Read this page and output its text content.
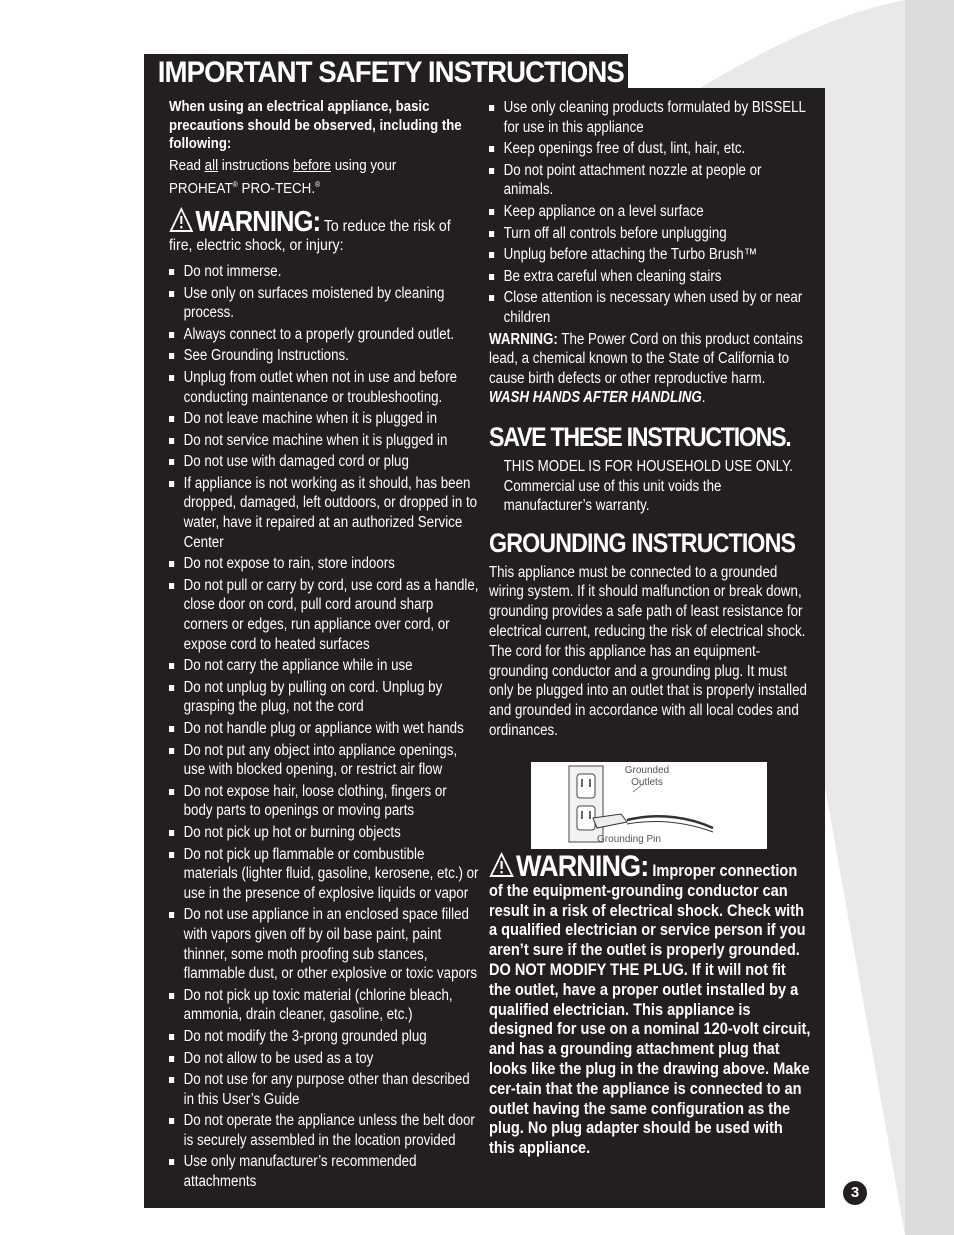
IMPORTANT SAFETY INSTRUCTIONS
When using an electrical appliance, basic precautions should be observed, including the following:
Read all instructions before using your
PROHEAT® PRO-TECH.®
WARNING: To reduce the risk of fire, electric shock, or injury:
Do not immerse.
Use only on surfaces moistened by cleaning process.
Always connect to a properly grounded outlet.
See Grounding Instructions.
Unplug from outlet when not in use and before conducting maintenance or troubleshooting.
Do not leave machine when it is plugged in
Do not service machine when it is plugged in
Do not use with damaged cord or plug
If appliance is not working as it should, has been dropped, damaged, left outdoors, or dropped in to water, have it repaired at an authorized Service Center
Do not expose to rain, store indoors
Do not pull or carry by cord, use cord as a handle, close door on cord, pull cord around sharp corners or edges, run appliance over cord, or expose cord to heated surfaces
Do not carry the appliance while in use
Do not unplug by pulling on cord. Unplug by grasping the plug, not the cord
Do not handle plug or appliance with wet hands
Do not put any object into appliance openings, use with blocked opening, or restrict air flow
Do not expose hair, loose clothing, fingers or body parts to openings or moving parts
Do not pick up hot or burning objects
Do not pick up flammable or combustible materials (lighter fluid, gasoline, kerosene, etc.) or use in the presence of explosive liquids or vapor
Do not use appliance in an enclosed space filled with vapors given off by oil base paint, paint thinner, some moth proofing sub stances, flammable dust, or other explosive or toxic vapors
Do not pick up toxic material (chlorine bleach, ammonia, drain cleaner, gasoline, etc.)
Do not modify the 3-prong grounded plug
Do not allow to be used as a toy
Do not use for any purpose other than described in this User’s Guide
Do not operate the appliance unless the belt door is securely assembled in the location provided
Use only manufacturer’s recommended attachments
Use only cleaning products formulated by BISSELL for use in this appliance
Keep openings free of dust, lint, hair, etc.
Do not point attachment nozzle at people or animals.
Keep appliance on a level surface
Turn off all controls before unplugging
Unplug before attaching the Turbo Brush™
Be extra careful when cleaning stairs
Close attention is necessary when used by or near children
WARNING: The Power Cord on this product contains lead, a chemical known to the State of California to cause birth defects or other reproductive harm.
WASH HANDS AFTER HANDLING.
SAVE THESE INSTRUCTIONS.
THIS MODEL IS FOR HOUSEHOLD USE ONLY. Commercial use of this unit voids the manufacturer’s warranty.
GROUNDING INSTRUCTIONS
This appliance must be connected to a grounded wiring system. If it should malfunction or break down, grounding provides a safe path of least resistance for electrical current, reducing the risk of electrical shock. The cord for this appliance has an equipment-grounding conductor and a grounding plug. It must only be plugged into an outlet that is properly installed and grounded in accordance with all local codes and ordinances.
Grounded
Outlets
Grounding Pin
WARNING: Improper connection of the equipment-grounding conductor can result in a risk of electrical shock. Check with a qualified electrician or service person if you aren’t sure if the outlet is properly grounded. DO NOT MODIFY THE PLUG. If it will not fit the outlet, have a proper outlet installed by a qualified electrician. This appliance is designed for use on a nominal 120-volt circuit, and has a grounding attachment plug that looks like the plug in the drawing above. Make cer-tain that the appliance is connected to an outlet having the same configuration as the plug. No plug adapter should be used with this appliance.
3
